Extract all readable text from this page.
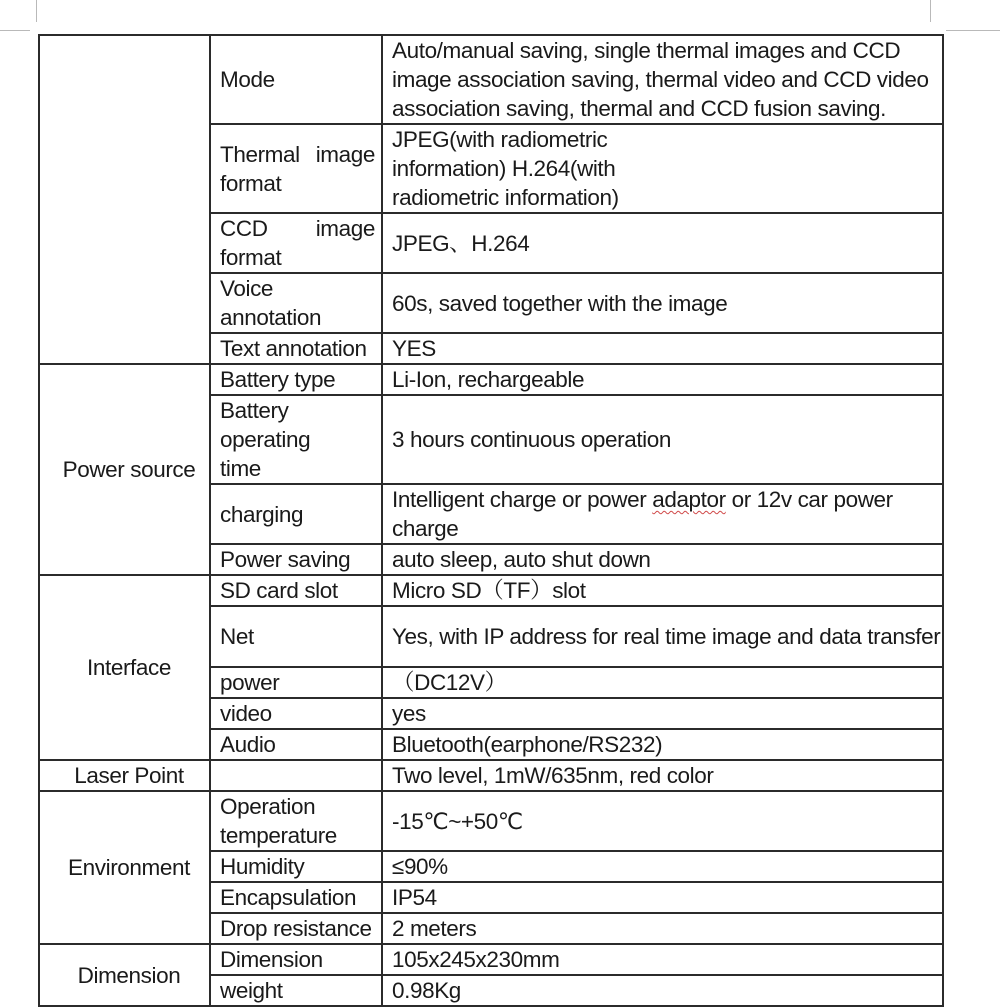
	Mode	Auto/manual saving, single thermal images and CCD image association saving, thermal video and CCD video association saving, thermal and CCD fusion saving.
	Thermal image format	JPEG(with radiometric information) H.264(with radiometric information)

	CCD image format	JPEG、H.264

	Voice annotation	60s, saved together with the image
	Text annotation	YES
Power source	Battery type	Li-Ion, rechargeable

	Battery operating time	3 hours continuous operation
	charging	Intelligent charge or power adaptor or 12v car power charge
	Power saving	auto sleep, auto shut down
Interface	SD card slot	Micro SD（TF）slot
	Net	Yes, with IP address for real time image and data transfer
	power	（DC12V）
	video	yes
	Audio	Bluetooth(earphone/RS232)
Laser Point		Two level, 1mW/635nm, red color
Environment	Operation temperature	-15℃~+50℃
	Humidity	≤90%
	Encapsulation	IP54
	Drop resistance	2 meters
Dimension	Dimension	105x245x230mm
	weight	0.98Kg
